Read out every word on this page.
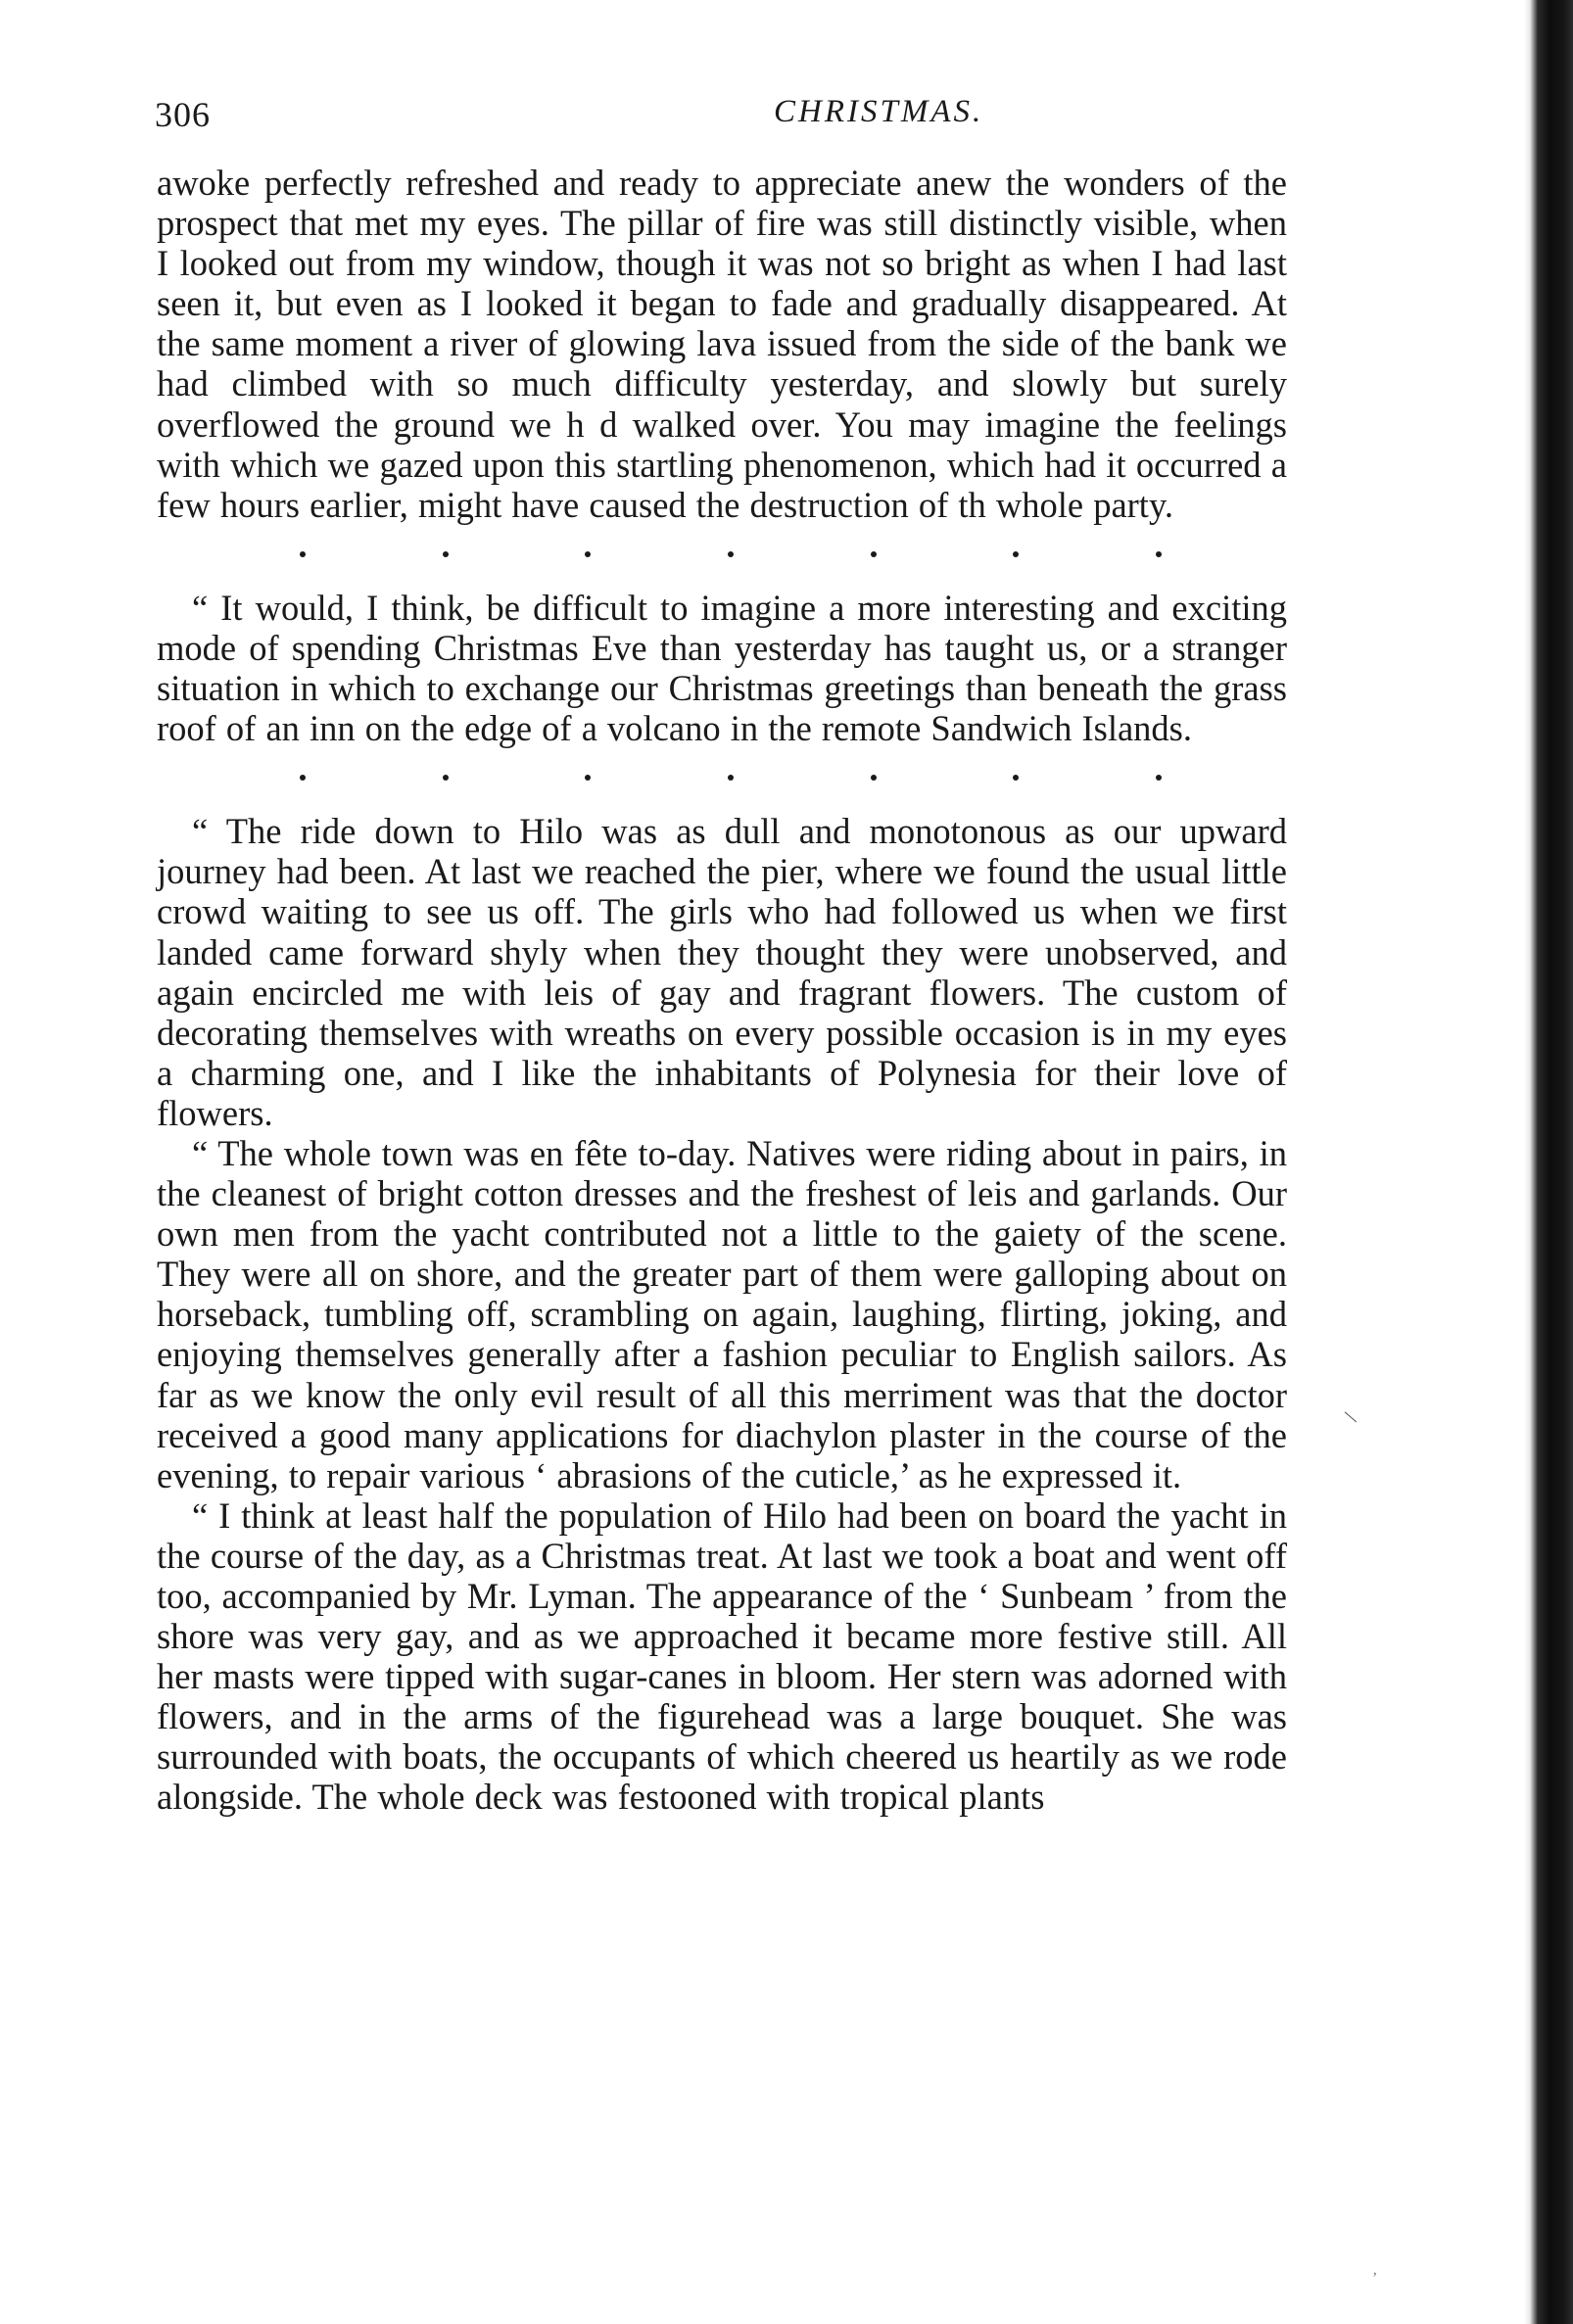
306	CHRISTMAS.

awoke perfectly refreshed and ready to appreciate anew the wonders of the prospect that met my eyes. The pillar of fire was still distinctly visible, when I looked out from my window, though it was not so bright as when I had last seen it, but even as I looked it began to fade and gradually disappeared. At the same moment a river of glowing lava issued from the side of the bank we had climbed with so much difficulty yesterday, and slowly but surely overflowed the ground we h d walked over. You may imagine the feelings with which we gazed upon this startling phenomenon, which had it occurred a few hours earlier, might have caused the destruction of th whole party.

“ It would, I think, be difficult to imagine a more interesting and exciting mode of spending Christmas Eve than yesterday has taught us, or a stranger situation in which to exchange our Christmas greetings than beneath the grass roof of an inn on the edge of a volcano in the remote Sandwich Islands.

“ The ride down to Hilo was as dull and monotonous as our upward journey had been. At last we reached the pier, where we found the usual little crowd waiting to see us off. The girls who had followed us when we first landed came forward shyly when they thought they were unobserved, and again encircled me with leis of gay and fragrant flowers. The custom of decorating themselves with wreaths on every possible occasion is in my eyes a charming one, and I like the inhabitants of Polynesia for their love of flowers.

“ The whole town was en fête to-day. Natives were riding about in pairs, in the cleanest of bright cotton dresses and the freshest of leis and garlands. Our own men from the yacht contributed not a little to the gaiety of the scene. They were all on shore, and the greater part of them were galloping about on horseback, tumbling off, scrambling on again, laughing, flirting, joking, and enjoying themselves generally after a fashion peculiar to English sailors. As far as we know the only evil result of all this merriment was that the doctor received a good many applications for diachylon plaster in the course of the evening, to repair various ‘ abrasions of the cuticle,’ as he expressed it.

“ I think at least half the population of Hilo had been on board the yacht in the course of the day, as a Christmas treat. At last we took a boat and went off too, accompanied by Mr. Lyman. The appearance of the ‘ Sunbeam ’ from the shore was very gay, and as we approached it became more festive still. All her masts were tipped with sugar-canes in bloom. Her stern was adorned with flowers, and in the arms of the figurehead was a large bouquet. She was surrounded with boats, the occupants of which cheered us heartily as we rode alongside. The whole deck was festooned with tropical plants

\
’
